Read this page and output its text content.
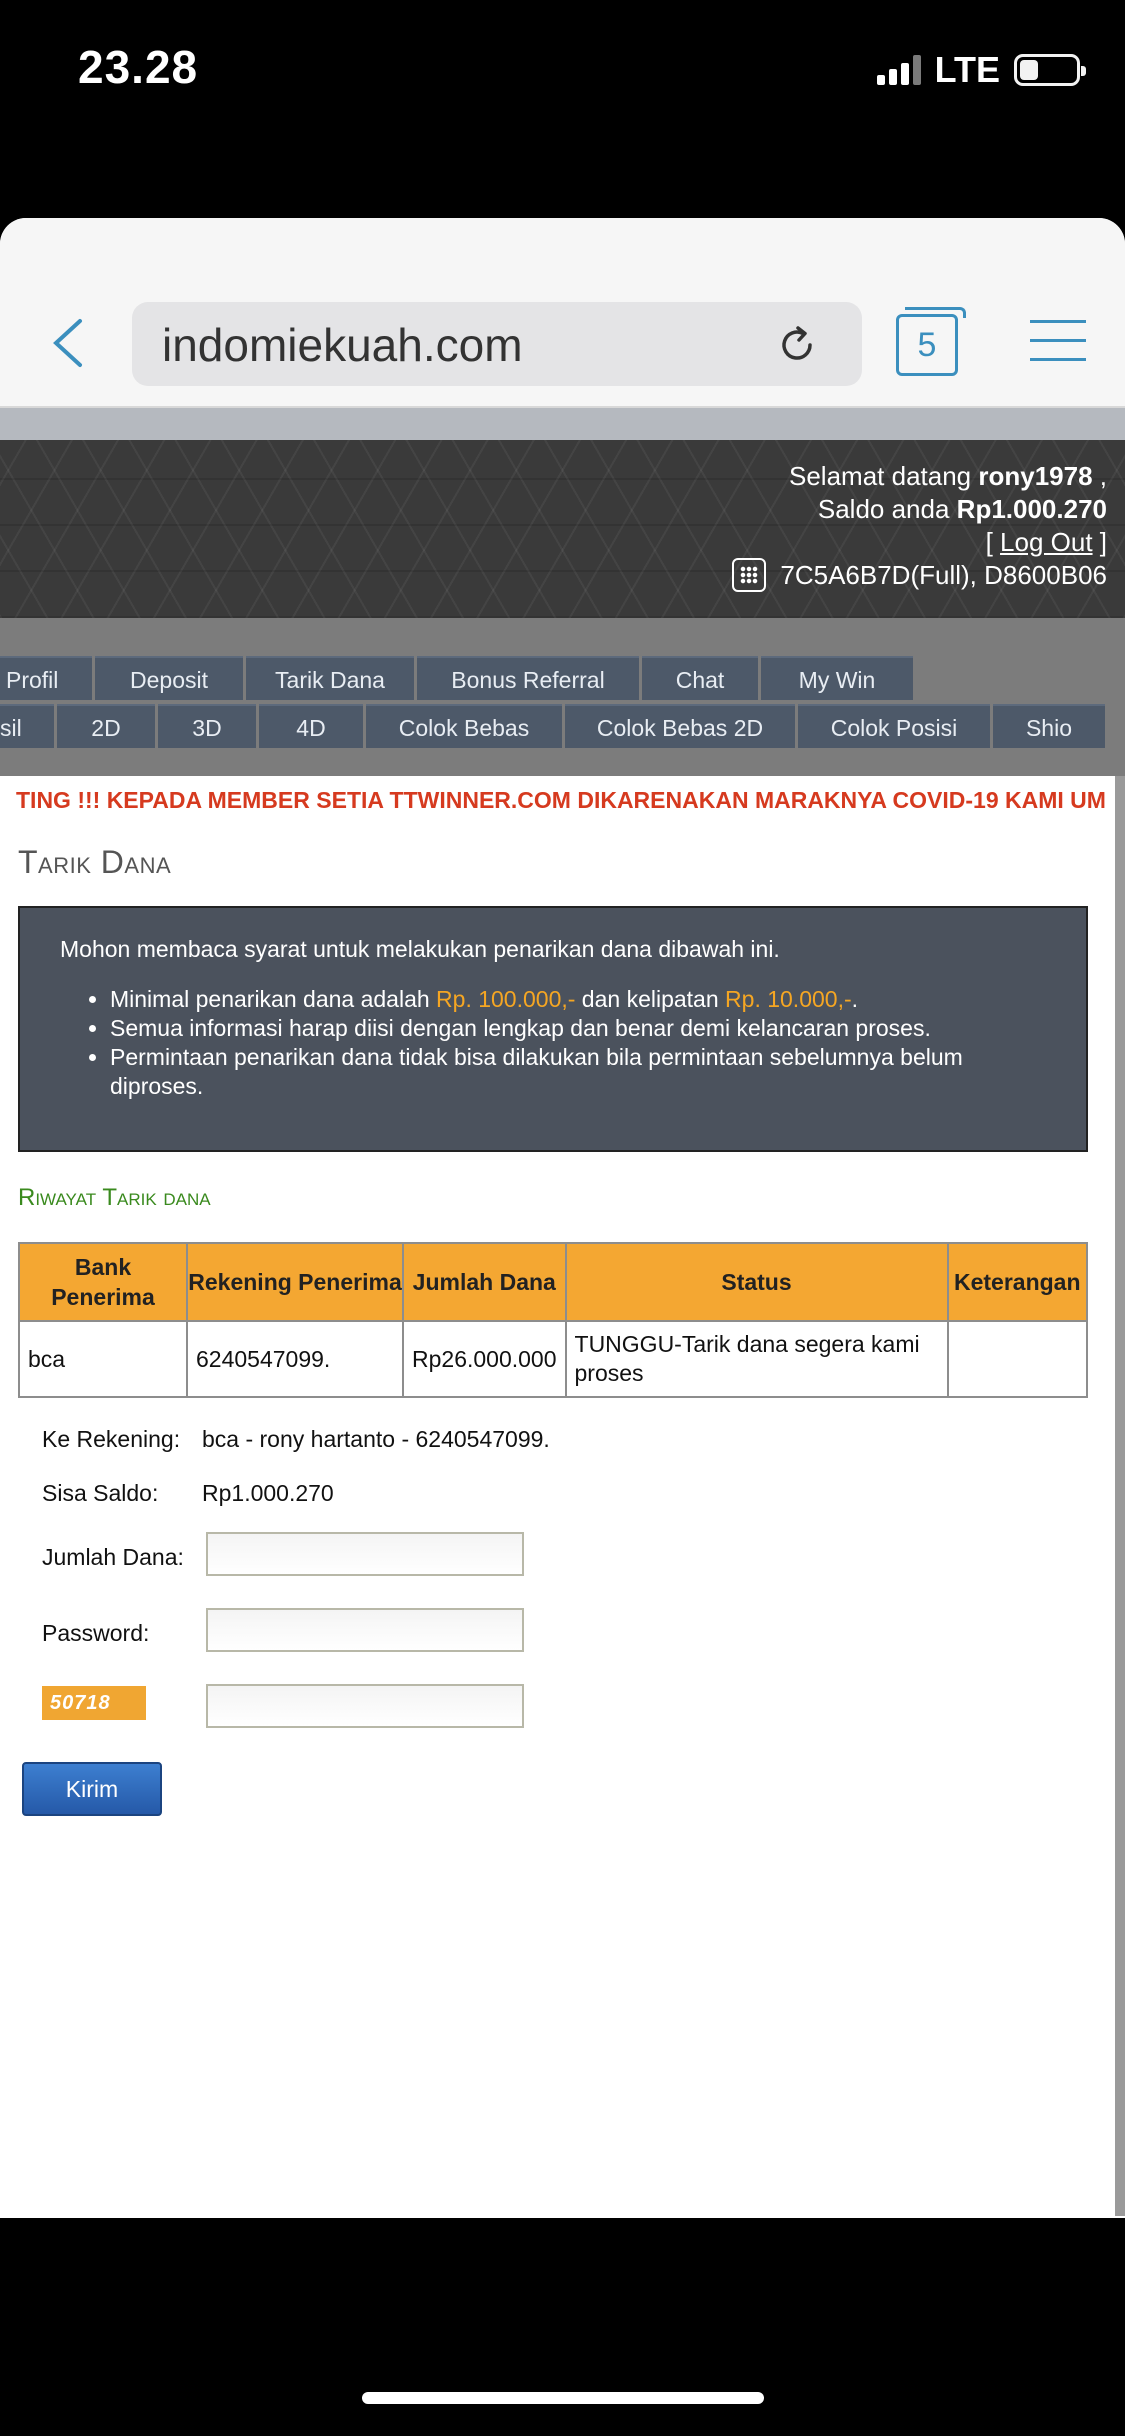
23.28	LTE
indomiekuah.com	5
Selamat datang rony1978 ,
Saldo anda Rp1.000.270
[ Log Out ]
7C5A6B7D(Full), D8600B06
Profil	Deposit	Tarik Dana	Bonus Referral	Chat	My Win
sil	2D	3D	4D	Colok Bebas	Colok Bebas 2D	Colok Posisi	Shio
TING !!! KEPADA MEMBER SETIA TTWINNER.COM DIKARENAKAN MARAKNYA COVID-19 KAMI UM
Tarik Dana

Mohon membaca syarat untuk melakukan penarikan dana dibawah ini.

• Minimal penarikan dana adalah Rp. 100.000,- dan kelipatan Rp. 10.000,-.
• Semua informasi harap diisi dengan lengkap dan benar demi kelancaran proses.
• Permintaan penarikan dana tidak bisa dilakukan bila permintaan sebelumnya belum diproses.
Riwayat Tarik dana
Bank Penerima	Rekening Penerima	Jumlah Dana	Status	Keterangan
bca	6240547099.	Rp26.000.000	TUNGGU-Tarik dana segera kami proses	
Ke Rekening: bca - rony hartanto - 6240547099.
Sisa Saldo: Rp1.000.270
Jumlah Dana:
Password:
50718
Kirim
